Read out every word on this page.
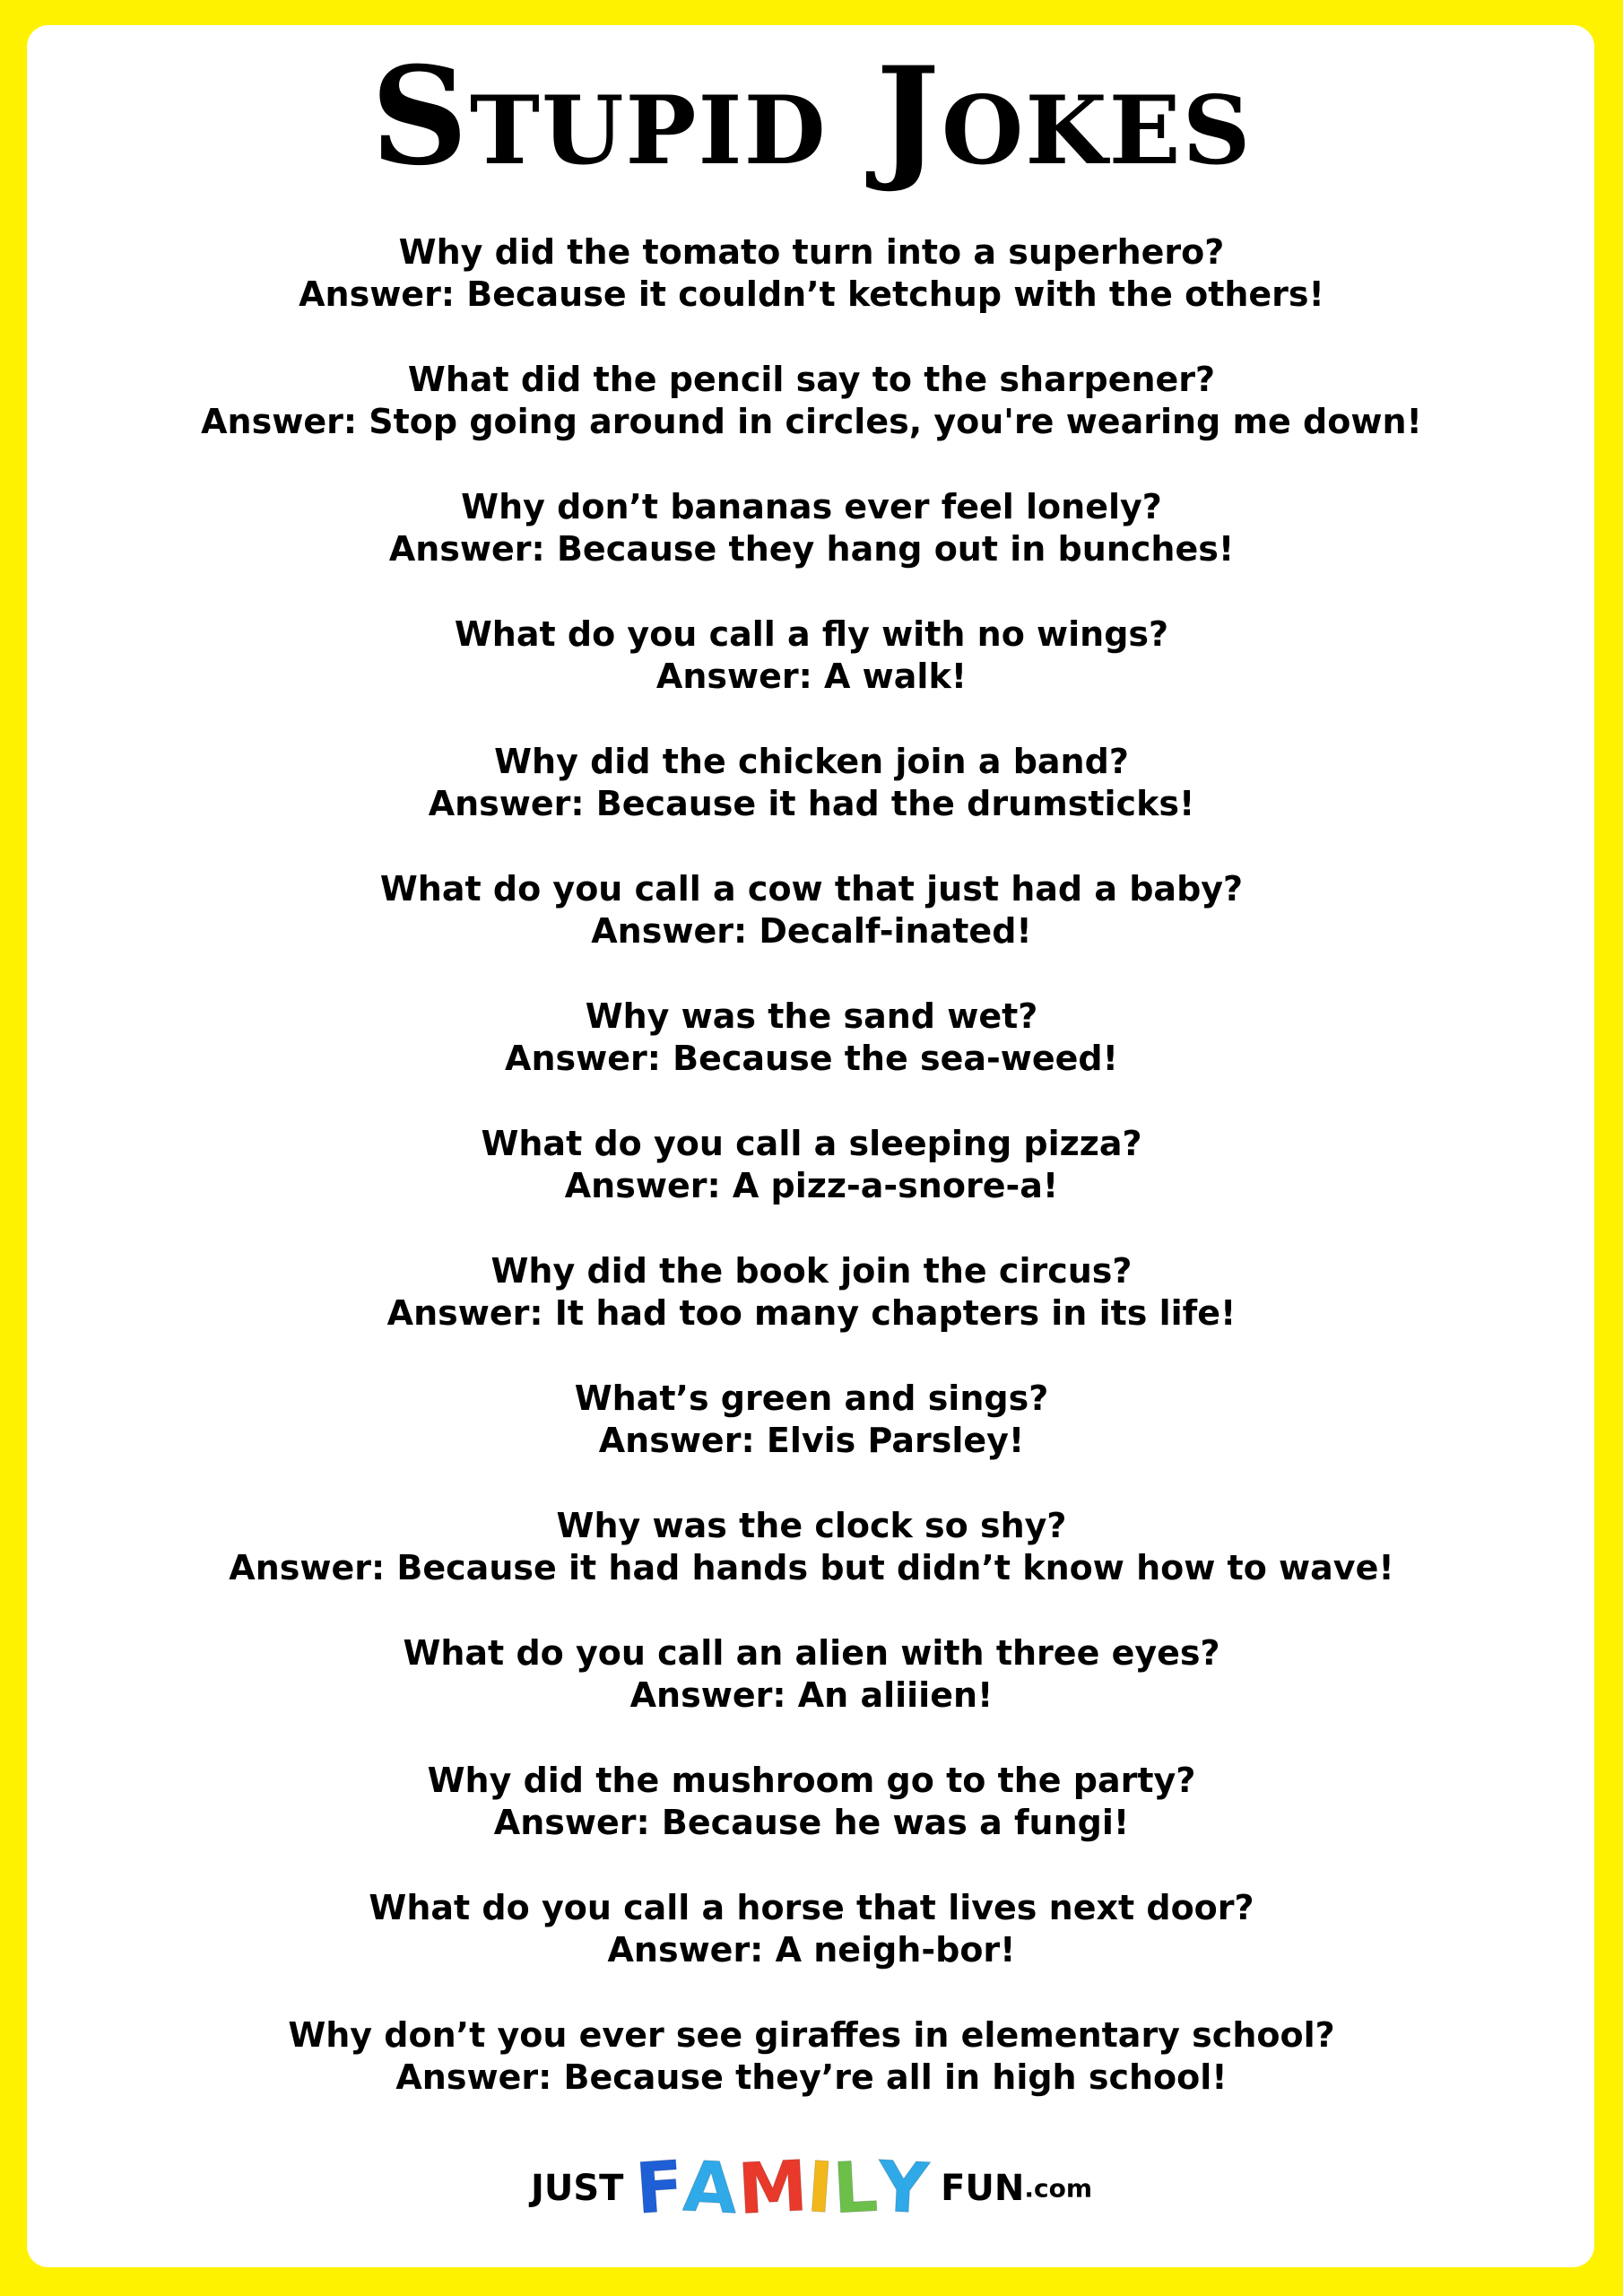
Stupid Jokes
Why did the tomato turn into a superhero?
Answer: Because it couldn’t ketchup with the others!
What did the pencil say to the sharpener?
Answer: Stop going around in circles, you're wearing me down!
Why don’t bananas ever feel lonely?
Answer: Because they hang out in bunches!
What do you call a fly with no wings?
Answer: A walk!
Why did the chicken join a band?
Answer: Because it had the drumsticks!
What do you call a cow that just had a baby?
Answer: Decalf-inated!
Why was the sand wet?
Answer: Because the sea-weed!
What do you call a sleeping pizza?
Answer: A pizz-a-snore-a!
Why did the book join the circus?
Answer: It had too many chapters in its life!
What’s green and sings?
Answer: Elvis Parsley!
Why was the clock so shy?
Answer: Because it had hands but didn’t know how to wave!
What do you call an alien with three eyes?
Answer: An aliiien!
Why did the mushroom go to the party?
Answer: Because he was a fungi!
What do you call a horse that lives next door?
Answer: A neigh-bor!
Why don’t you ever see giraffes in elementary school?
Answer: Because they’re all in high school!
JUST FAMILY FUN.com
